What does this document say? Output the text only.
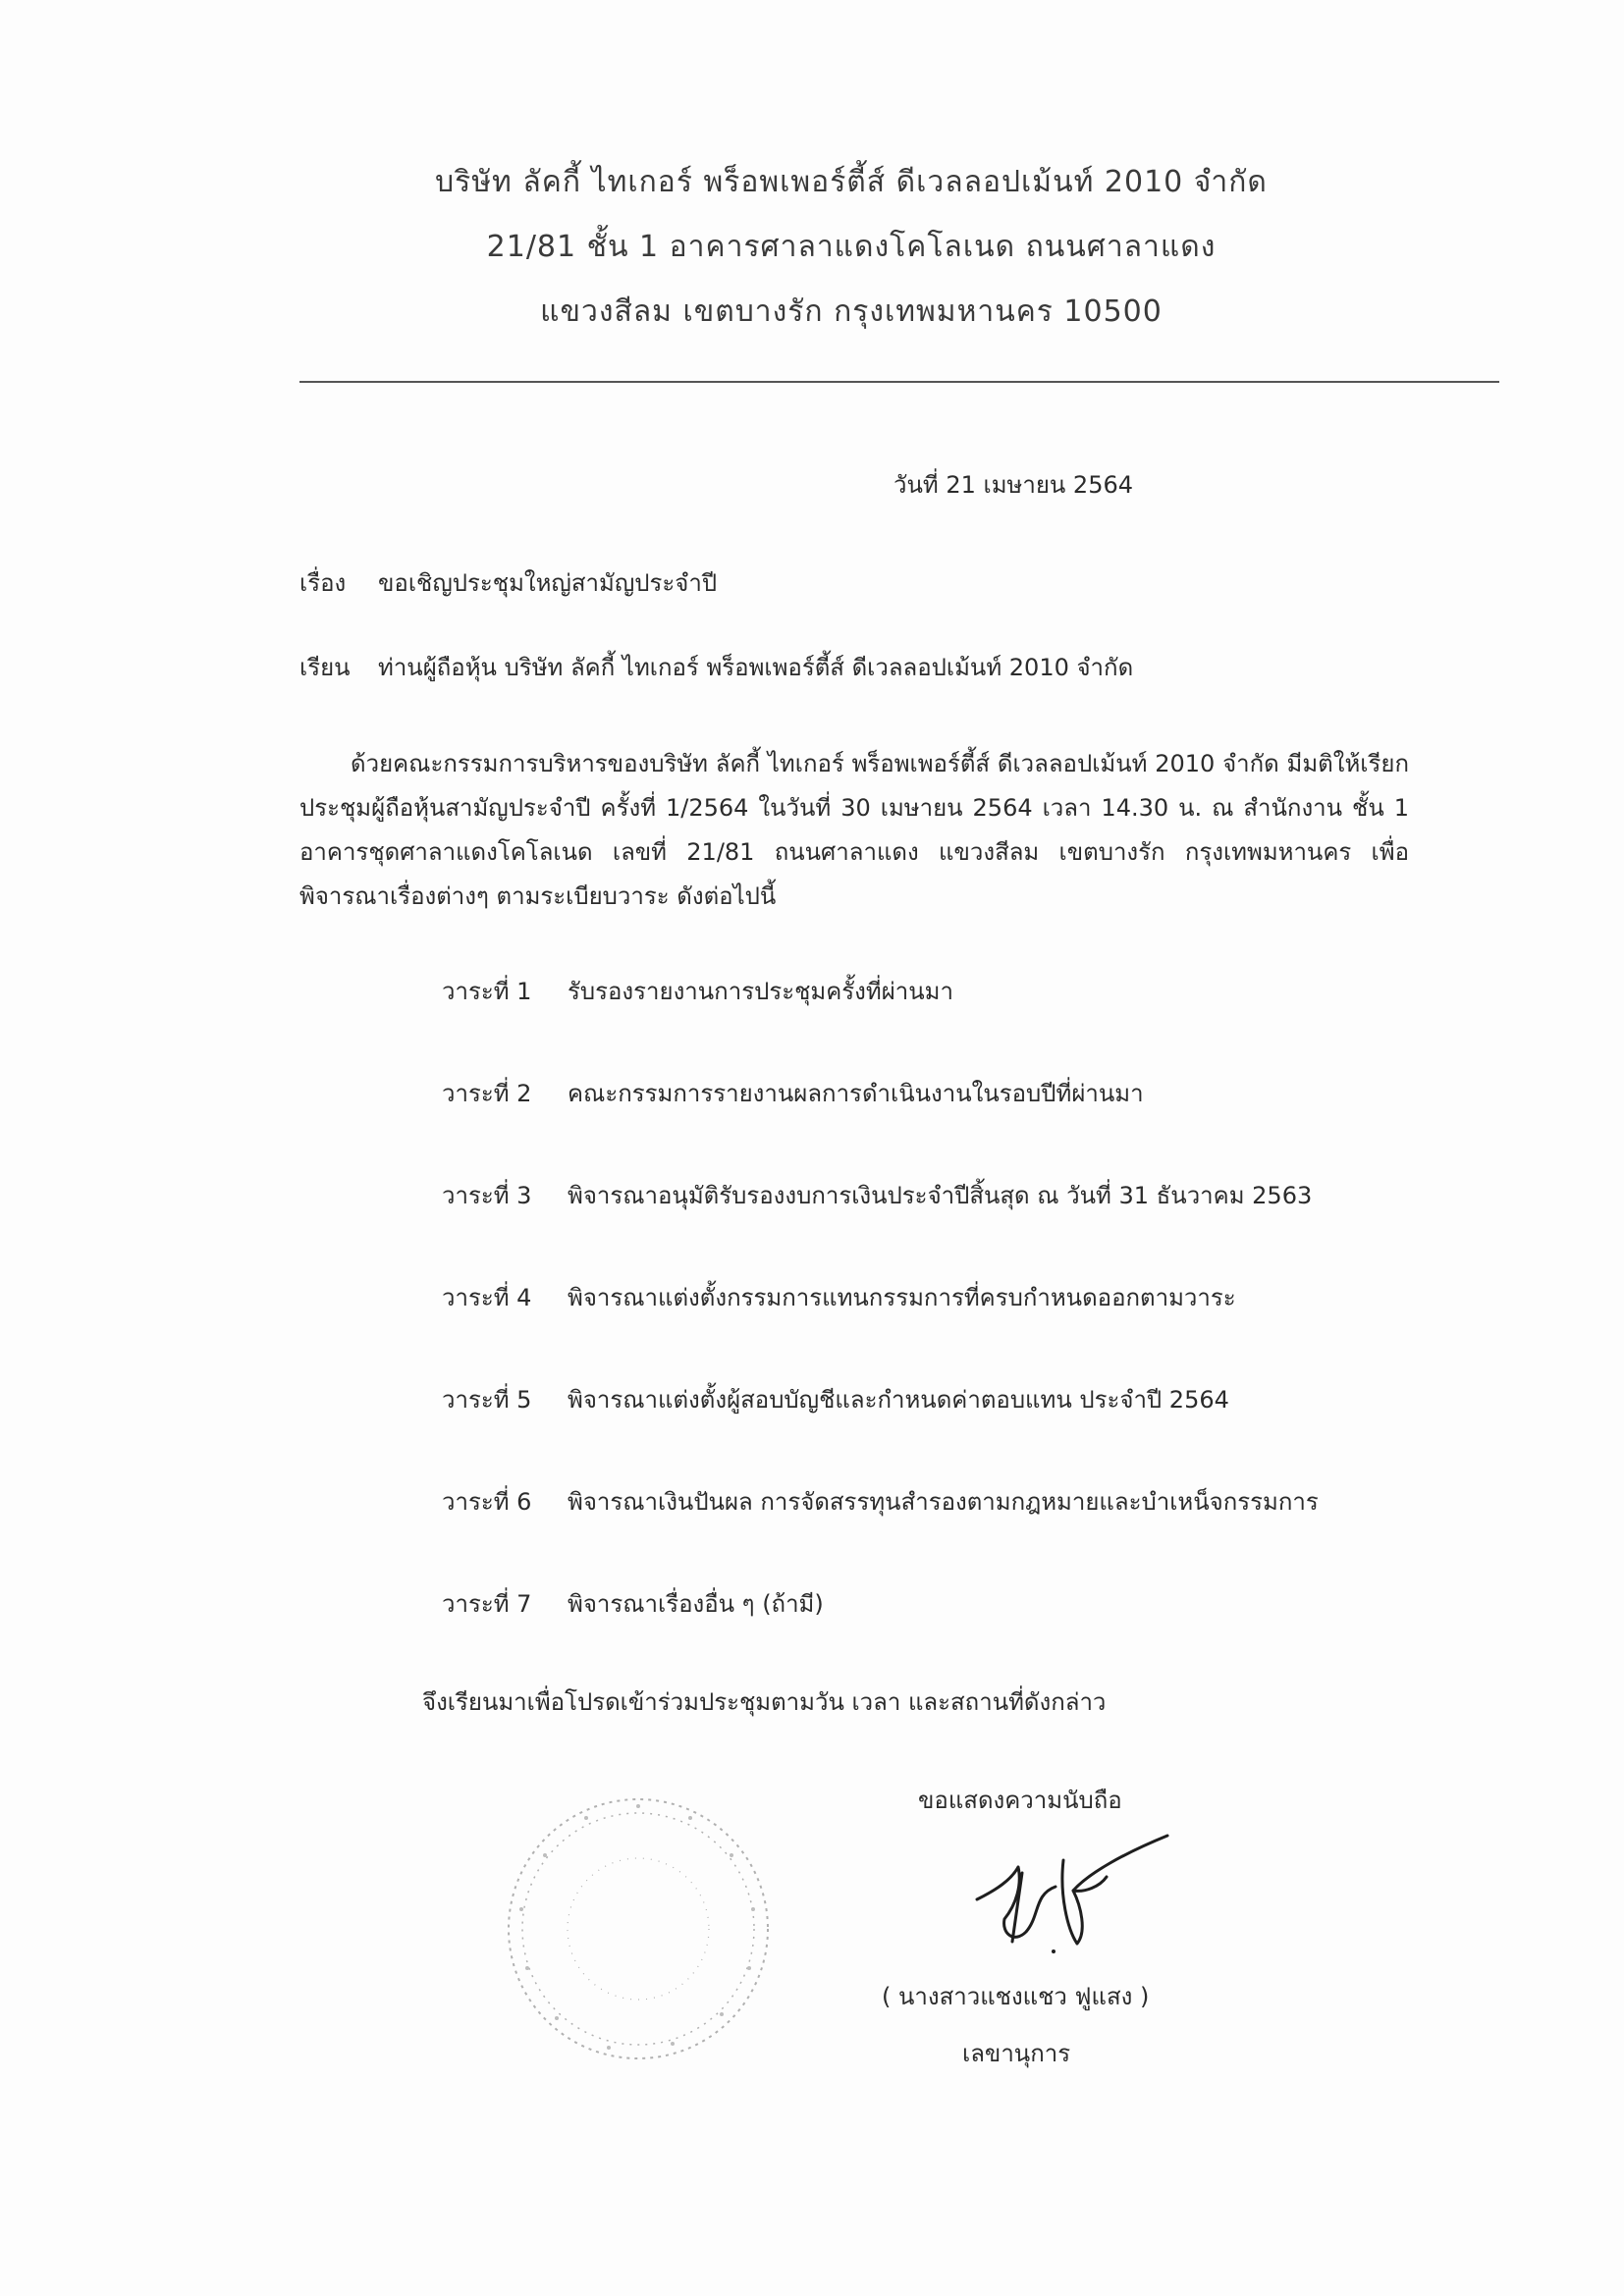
บริษัท ลัคกี้ ไทเกอร์ พร็อพเพอร์ตี้ส์ ดีเวลลอปเม้นท์ 2010 จำกัด
21/81 ชั้น 1 อาคารศาลาแดงโคโลเนด ถนนศาลาแดง
แขวงสีลม เขตบางรัก กรุงเทพมหานคร 10500
วันที่ 21 เมษายน 2564
เรื่อง ขอเชิญประชุมใหญ่สามัญประจำปี
เรียน ท่านผู้ถือหุ้น บริษัท ลัคกี้ ไทเกอร์ พร็อพเพอร์ตี้ส์ ดีเวลลอปเม้นท์ 2010 จำกัด
ด้วยคณะกรรมการบริหารของบริษัท ลัคกี้ ไทเกอร์ พร็อพเพอร์ตี้ส์ ดีเวลลอปเม้นท์ 2010 จำกัด มีมติให้เรียกประชุมผู้ถือหุ้นสามัญประจำปี ครั้งที่ 1/2564 ในวันที่ 30 เมษายน 2564 เวลา 14.30 น. ณ สำนักงาน ชั้น 1 อาคารชุดศาลาแดงโคโลเนด เลขที่ 21/81 ถนนศาลาแดง แขวงสีลม เขตบางรัก กรุงเทพมหานคร เพื่อพิจารณาเรื่องต่างๆ ตามระเบียบวาระ ดังต่อไปนี้
วาระที่ 1 รับรองรายงานการประชุมครั้งที่ผ่านมา
วาระที่ 2 คณะกรรมการรายงานผลการดำเนินงานในรอบปีที่ผ่านมา
วาระที่ 3 พิจารณาอนุมัติรับรองงบการเงินประจำปีสิ้นสุด ณ วันที่ 31 ธันวาคม 2563
วาระที่ 4 พิจารณาแต่งตั้งกรรมการแทนกรรมการที่ครบกำหนดออกตามวาระ
วาระที่ 5 พิจารณาแต่งตั้งผู้สอบบัญชีและกำหนดค่าตอบแทน ประจำปี 2564
วาระที่ 6 พิจารณาเงินปันผล การจัดสรรทุนสำรองตามกฎหมายและบำเหน็จกรรมการ
วาระที่ 7 พิจารณาเรื่องอื่น ๆ (ถ้ามี)
จึงเรียนมาเพื่อโปรดเข้าร่วมประชุมตามวัน เวลา และสถานที่ดังกล่าว
ขอแสดงความนับถือ
( นางสาวแชงแชว ฟูแสง )
เลขานุการ
